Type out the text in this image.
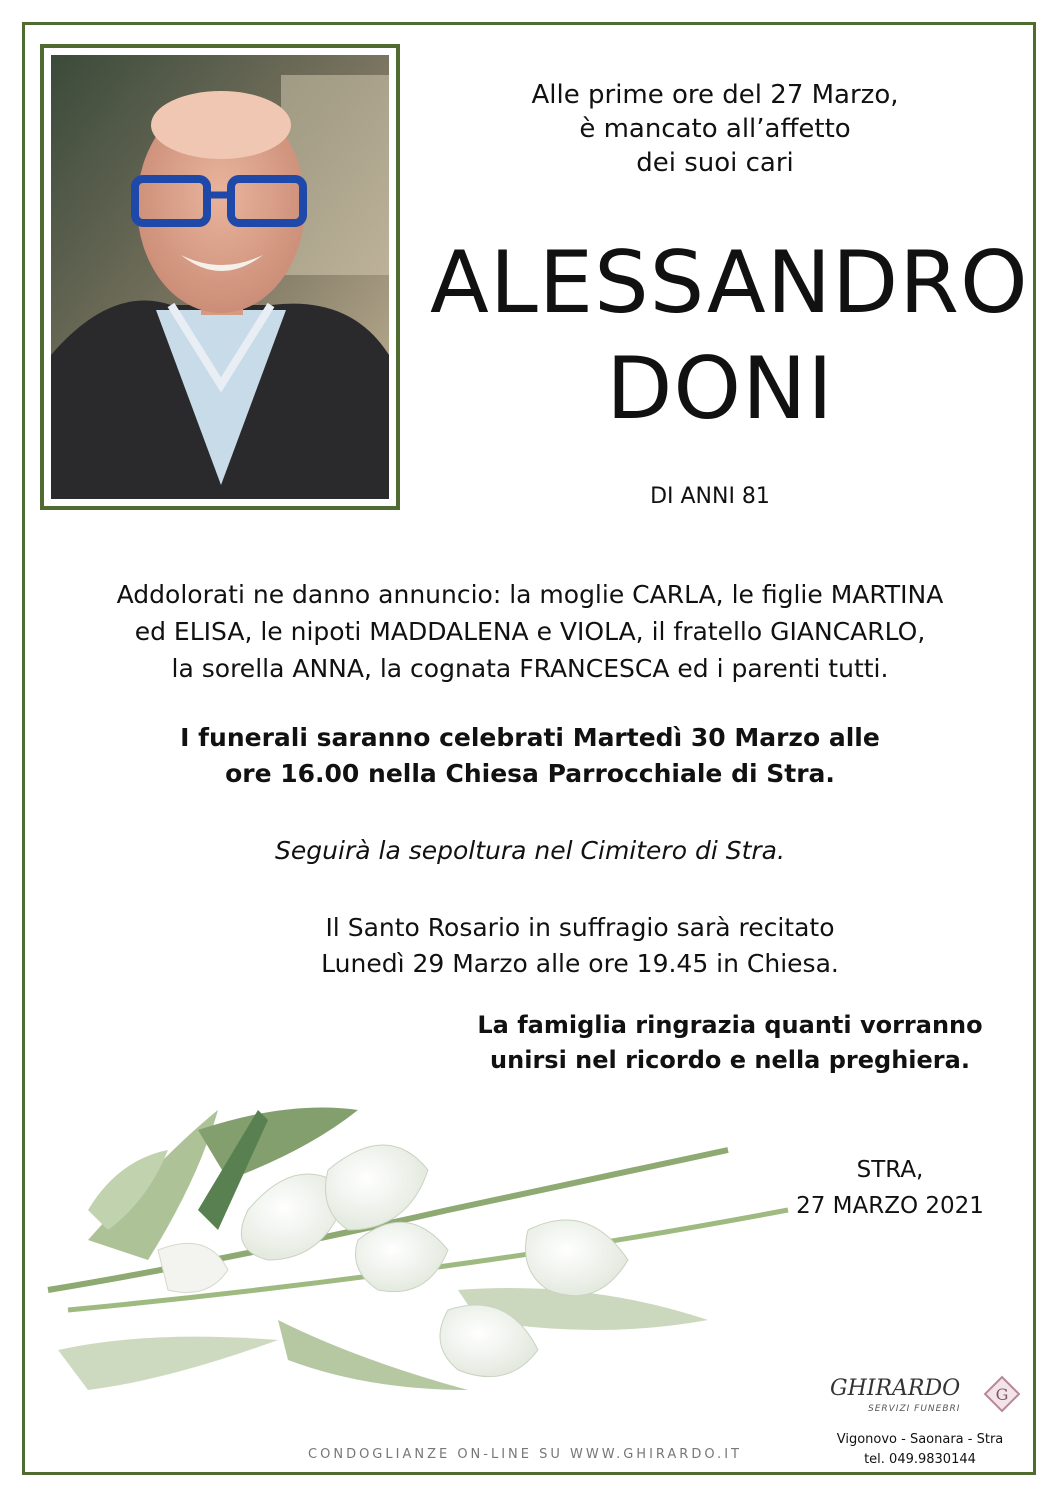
Alle prime ore del 27 Marzo,
è mancato all’affetto
dei suoi cari
ALESSANDRO
DONI
DI ANNI 81
Addolorati ne danno annuncio: la moglie CARLA, le figlie MARTINA
ed ELISA, le nipoti MADDALENA e VIOLA, il fratello GIANCARLO,
la sorella ANNA, la cognata FRANCESCA ed i parenti tutti.
I funerali saranno celebrati Martedì 30 Marzo alle
ore 16.00 nella Chiesa Parrocchiale di Stra.
Seguirà la sepoltura nel Cimitero di Stra.
Il Santo Rosario in suffragio sarà recitato
Lunedì 29 Marzo alle ore 19.45 in Chiesa.
La famiglia ringrazia quanti vorranno
unirsi nel ricordo e nella preghiera.
STRA,
27 MARZO 2021
CONDOGLIANZE ON-LINE SU WWW.GHIRARDO.IT
GHIRARDO
SERVIZI FUNEBRI
G
Vigonovo - Saonara - Stra
tel. 049.9830144
